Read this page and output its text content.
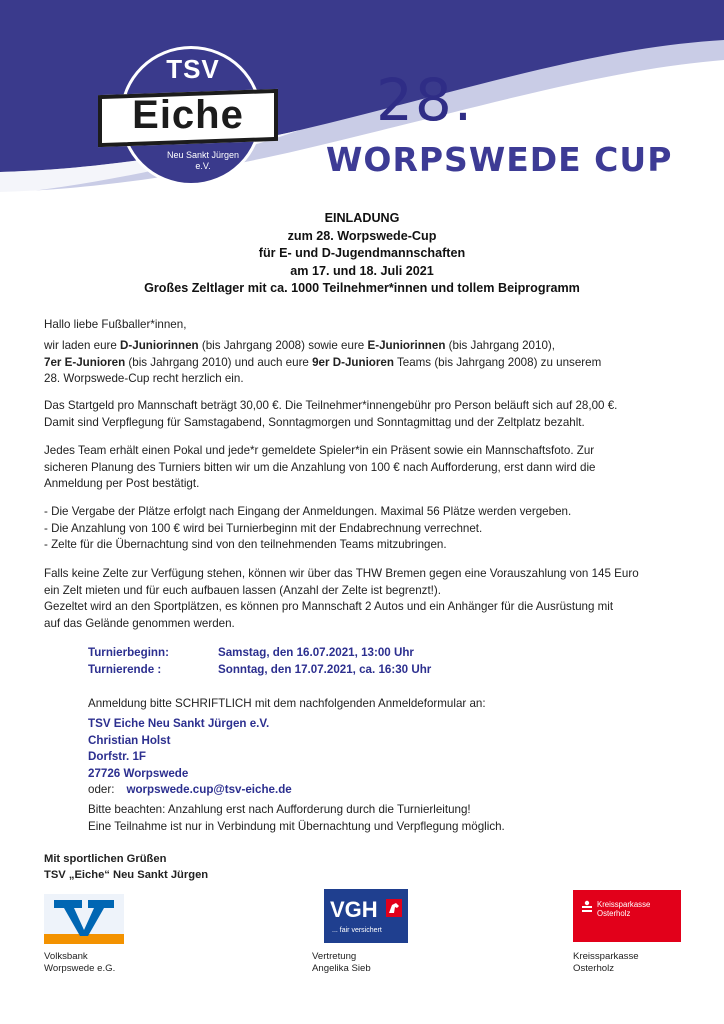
TSV
Eiche
Neu Sankt Jürgen
e.V.
28.
WORPSWEDE CUP
EINLADUNG
zum 28. Worpswede-Cup
für E- und D-Jugendmannschaften
am 17. und 18. Juli 2021
Großes Zeltlager mit ca. 1000 Teilnehmer*innen und tollem Beiprogramm
Hallo liebe Fußballer*innen,
wir laden eure D-Juniorinnen (bis Jahrgang 2008) sowie eure E-Juniorinnen (bis Jahrgang 2010),
7er E-Junioren (bis Jahrgang 2010) und auch eure 9er D-Junioren Teams (bis Jahrgang 2008) zu unserem
28. Worpswede-Cup recht herzlich ein.
Das Startgeld pro Mannschaft beträgt 30,00 €. Die Teilnehmer*innengebühr pro Person beläuft sich auf 28,00 €.
Damit sind Verpflegung für Samstagabend, Sonntagmorgen und Sonntagmittag und der Zeltplatz bezahlt.
Jedes Team erhält einen Pokal und jede*r gemeldete Spieler*in ein Präsent sowie ein Mannschaftsfoto. Zur
sicheren Planung des Turniers bitten wir um die Anzahlung von 100 € nach Aufforderung, erst dann wird die
Anmeldung per Post bestätigt.
- Die Vergabe der Plätze erfolgt nach Eingang der Anmeldungen. Maximal 56 Plätze werden vergeben.
- Die Anzahlung von 100 € wird bei Turnierbeginn mit der Endabrechnung verrechnet.
- Zelte für die Übernachtung sind von den teilnehmenden Teams mitzubringen.
Falls keine Zelte zur Verfügung stehen, können wir über das THW Bremen gegen eine Vorauszahlung von 145 Euro
ein Zelt mieten und für euch aufbauen lassen (Anzahl der Zelte ist begrenzt!).
Gezeltet wird an den Sportplätzen, es können pro Mannschaft 2 Autos und ein Anhänger für die Ausrüstung mit
auf das Gelände genommen werden.
Turnierbeginn:	Samstag, den 16.07.2021, 13:00 Uhr
Turnierende :	Sonntag, den 17.07.2021, ca. 16:30 Uhr
Anmeldung bitte SCHRIFTLICH mit dem nachfolgenden Anmeldeformular an:
TSV Eiche Neu Sankt Jürgen e.V.
Christian Holst
Dorfstr. 1F
27726 Worpswede
oder: worpswede.cup@tsv-eiche.de
Bitte beachten: Anzahlung erst nach Aufforderung durch die Turnierleitung!
Eine Teilnahme ist nur in Verbindung mit Übernachtung und Verpflegung möglich.
Mit sportlichen Grüßen
TSV „Eiche“ Neu Sankt Jürgen
Volksbank
Worpswede e.G.
VGH
... fair versichert
Vertretung
Angelika Sieb
Kreissparkasse
Osterholz
Kreissparkasse
Osterholz
